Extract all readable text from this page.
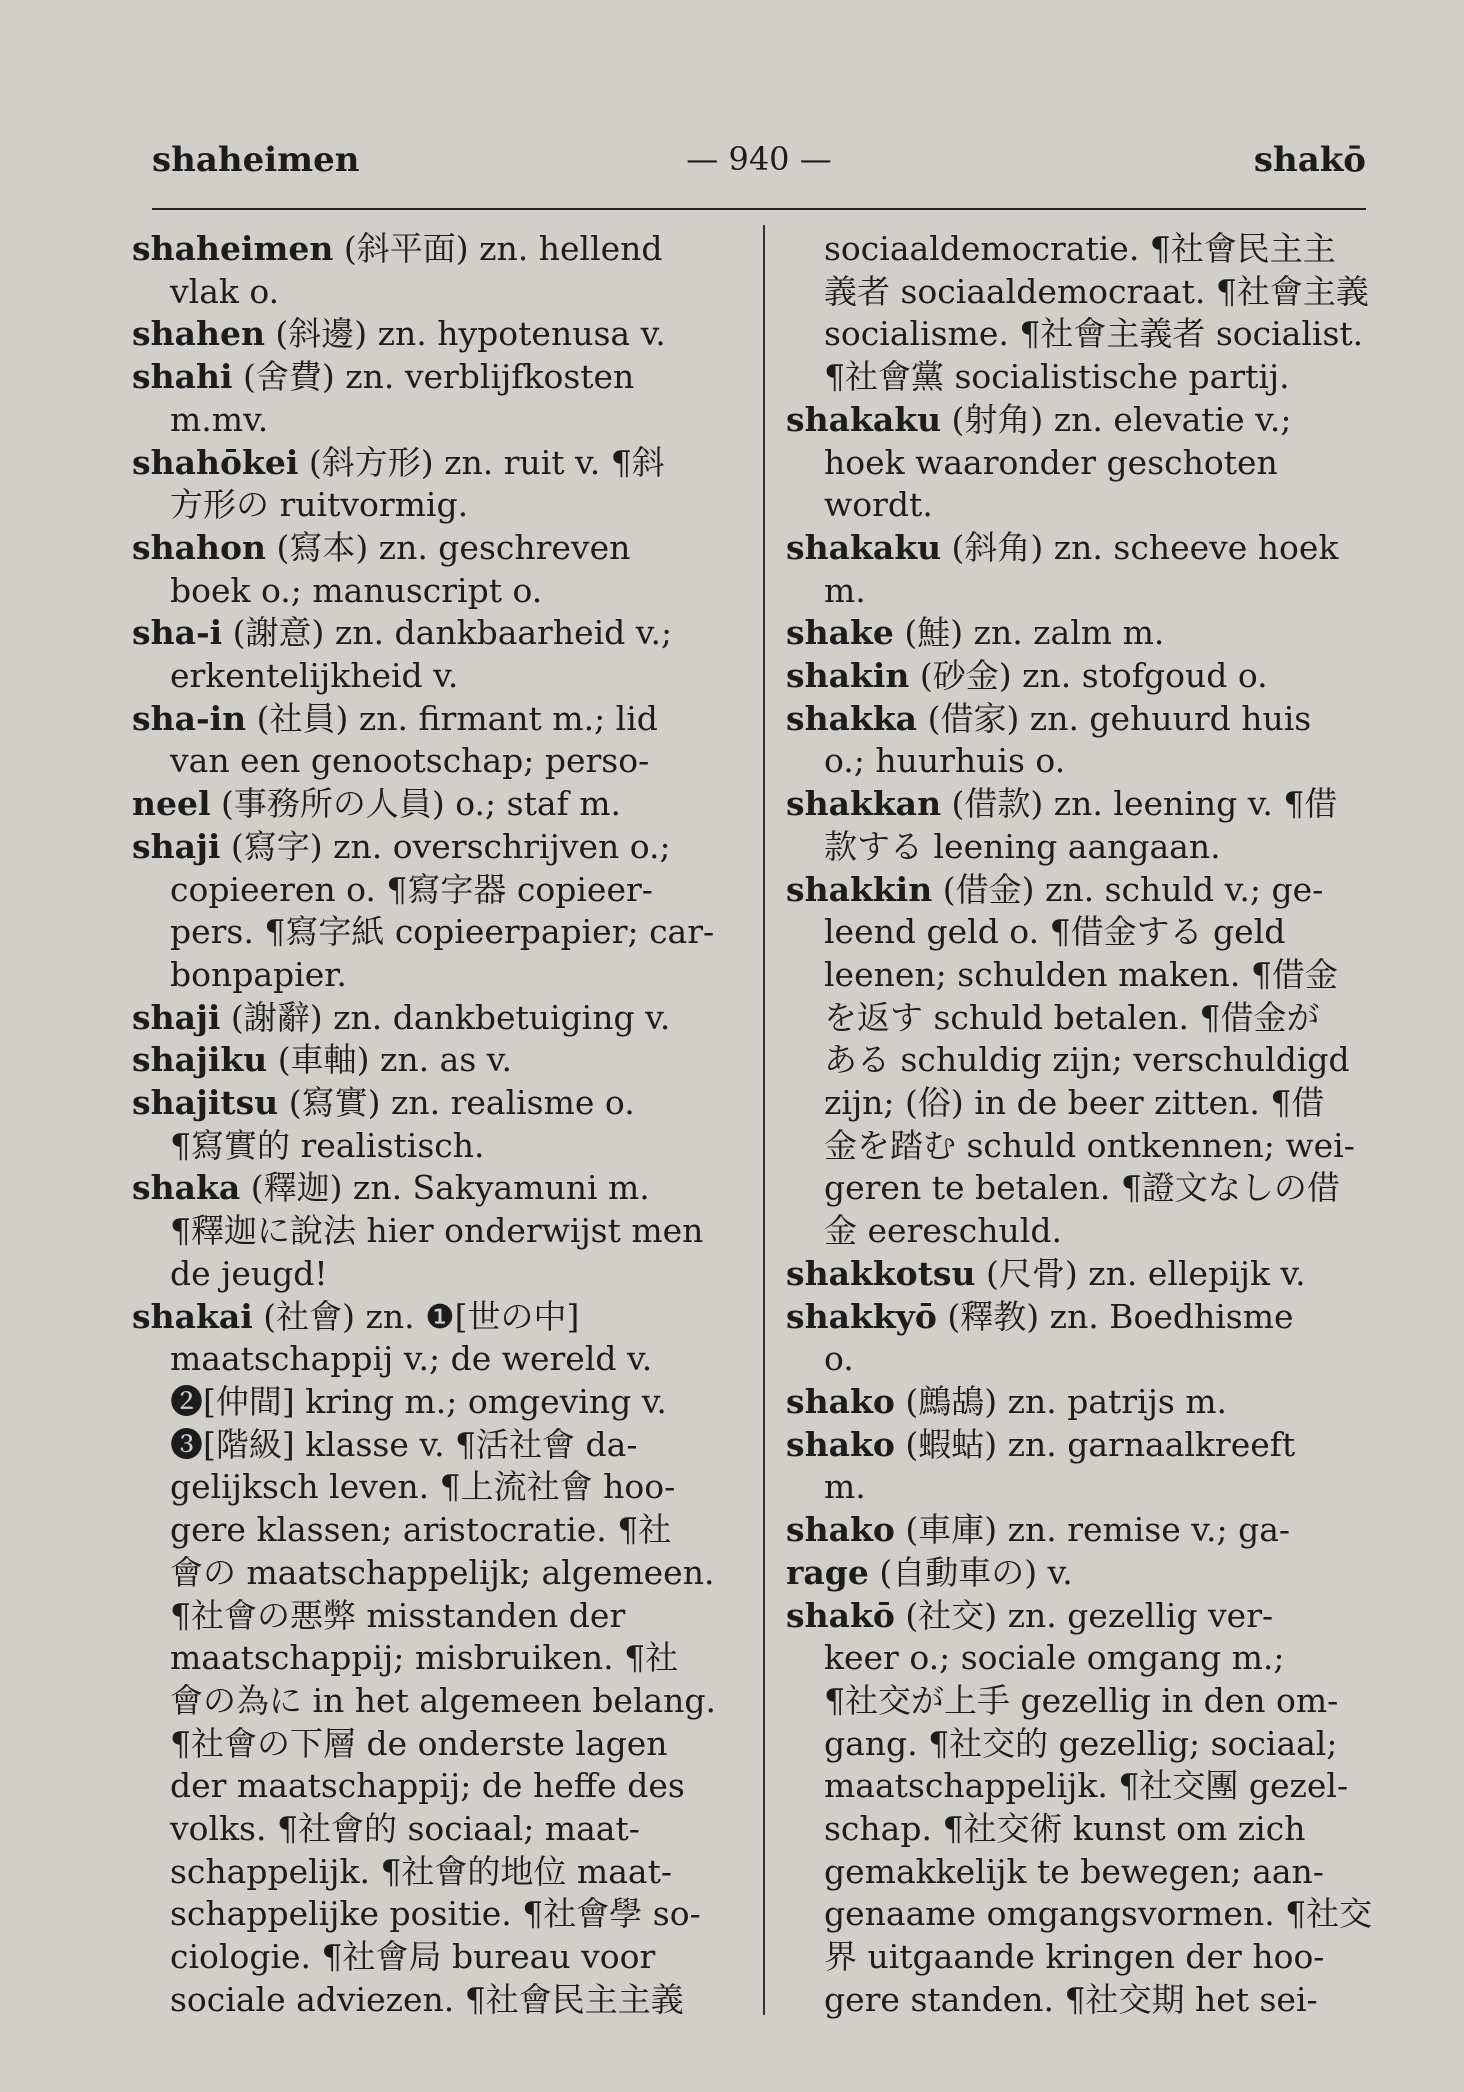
shaheimen	— 940 —	shakō
shaheimen (斜平面) zn. hellend
vlak o.
shahen (斜邊) zn. hypotenusa v.
shahi (舍費) zn. verblijfkosten
m.mv.
shahōkei (斜方形) zn. ruit v. ¶斜
方形の ruitvormig.
shahon (寫本) zn. geschreven
boek o.; manuscript o.
sha-i (謝意) zn. dankbaarheid v.;
erkentelijkheid v.
sha-in (社員) zn. firmant m.; lid
van een genootschap; perso-
neel (事務所の人員) o.; staf m.
shaji (寫字) zn. overschrijven o.;
copieeren o. ¶寫字器 copieer-
pers. ¶寫字紙 copieerpapier; car-
bonpapier.
shaji (謝辭) zn. dankbetuiging v.
shajiku (車軸) zn. as v.
shajitsu (寫實) zn. realisme o.
¶寫實的 realistisch.
shaka (釋迦) zn. Sakyamuni m.
¶釋迦に說法 hier onderwijst men
de jeugd!
shakai (社會) zn. ❶[世の中]
maatschappij v.; de wereld v.
❷[仲間] kring m.; omgeving v.
❸[階級] klasse v. ¶活社會 da-
gelijksch leven. ¶上流社會 hoo-
gere klassen; aristocratie. ¶社
會の maatschappelijk; algemeen.
¶社會の悪弊 misstanden der
maatschappij; misbruiken. ¶社
會の為に in het algemeen belang.
¶社會の下層 de onderste lagen
der maatschappij; de heffe des
volks. ¶社會的 sociaal; maat-
schappelijk. ¶社會的地位 maat-
schappelijke positie. ¶社會學 so-
ciologie. ¶社會局 bureau voor
sociale adviezen. ¶社會民主主義
sociaaldemocratie. ¶社會民主主
義者 sociaaldemocraat. ¶社會主義
socialisme. ¶社會主義者 socialist.
¶社會黨 socialistische partij.
shakaku (射角) zn. elevatie v.;
hoek waaronder geschoten
wordt.
shakaku (斜角) zn. scheeve hoek
m.
shake (鮭) zn. zalm m.
shakin (砂金) zn. stofgoud o.
shakka (借家) zn. gehuurd huis
o.; huurhuis o.
shakkan (借款) zn. leening v. ¶借
款する leening aangaan.
shakkin (借金) zn. schuld v.; ge-
leend geld o. ¶借金する geld
leenen; schulden maken. ¶借金
を返す schuld betalen. ¶借金が
ある schuldig zijn; verschuldigd
zijn; (俗) in de beer zitten. ¶借
金を踏む schuld ontkennen; wei-
geren te betalen. ¶證文なしの借
金 eereschuld.
shakkotsu (尺骨) zn. ellepijk v.
shakkyō (釋教) zn. Boedhisme
o.
shako (鷓鴣) zn. patrijs m.
shako (蝦蛄) zn. garnaalkreeft
m.
shako (車庫) zn. remise v.; ga-
rage (自動車の) v.
shakō (社交) zn. gezellig ver-
keer o.; sociale omgang m.;
¶社交が上手 gezellig in den om-
gang. ¶社交的 gezellig; sociaal;
maatschappelijk. ¶社交團 gezel-
schap. ¶社交術 kunst om zich
gemakkelijk te bewegen; aan-
genaame omgangsvormen. ¶社交
界 uitgaande kringen der hoo-
gere standen. ¶社交期 het sei-
